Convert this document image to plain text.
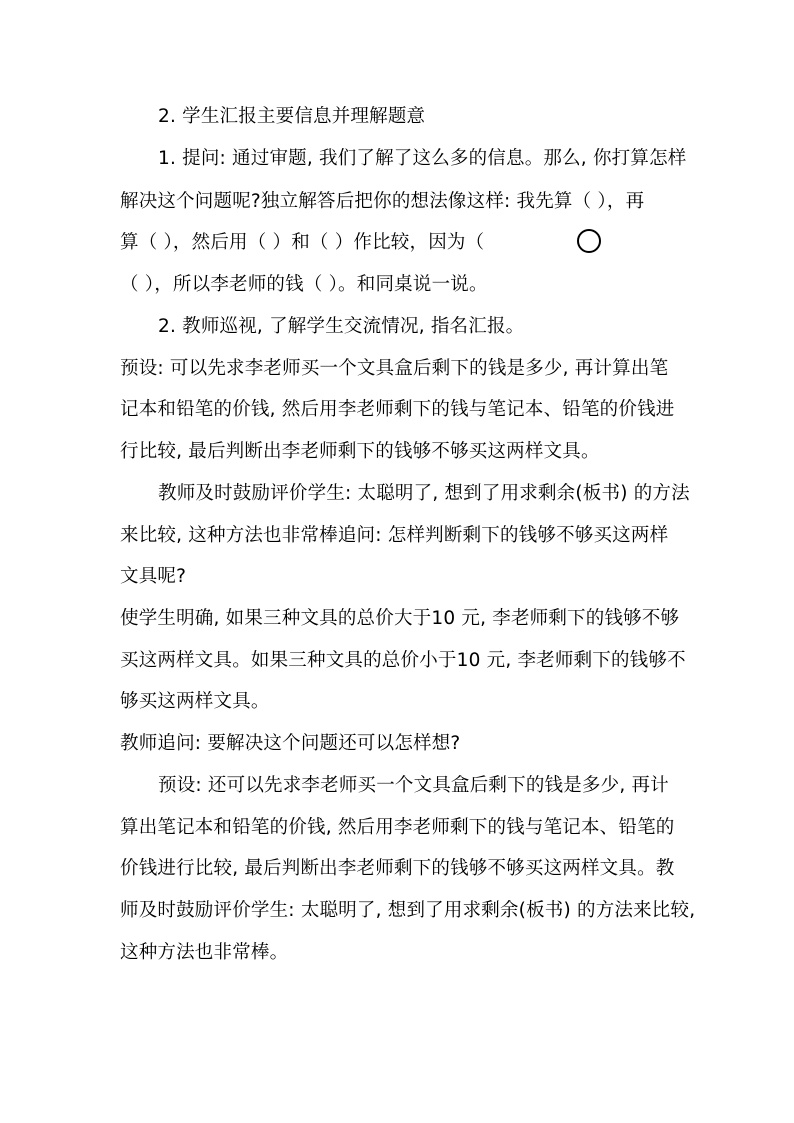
2. 学生汇报主要信息并理解题意
1. 提问: 通过审题, 我们了解了这么多的信息。那么, 你打算怎样
解决这个问题呢?独立解答后把你的想法像这样: 我先算（ ），再
算（ ），然后用（ ）和（ ）作比较，因为（
（ ），所以李老师的钱（ ）。和同桌说一说。
2. 教师巡视, 了解学生交流情况, 指名汇报。
预设: 可以先求李老师买一个文具盒后剩下的钱是多少, 再计算出笔
记本和铅笔的价钱, 然后用李老师剩下的钱与笔记本、铅笔的价钱进
行比较, 最后判断出李老师剩下的钱够不够买这两样文具。
教师及时鼓励评价学生: 太聪明了, 想到了用求剩余(板书) 的方法
来比较, 这种方法也非常棒追问: 怎样判断剩下的钱够不够买这两样
文具呢?
使学生明确, 如果三种文具的总价大于10 元, 李老师剩下的钱够不够
买这两样文具。如果三种文具的总价小于10 元, 李老师剩下的钱够不
够买这两样文具。
教师追问: 要解决这个问题还可以怎样想?
预设: 还可以先求李老师买一个文具盒后剩下的钱是多少, 再计
算出笔记本和铅笔的价钱, 然后用李老师剩下的钱与笔记本、铅笔的
价钱进行比较, 最后判断出李老师剩下的钱够不够买这两样文具。教
师及时鼓励评价学生: 太聪明了, 想到了用求剩余(板书) 的方法来比较,
这种方法也非常棒。
